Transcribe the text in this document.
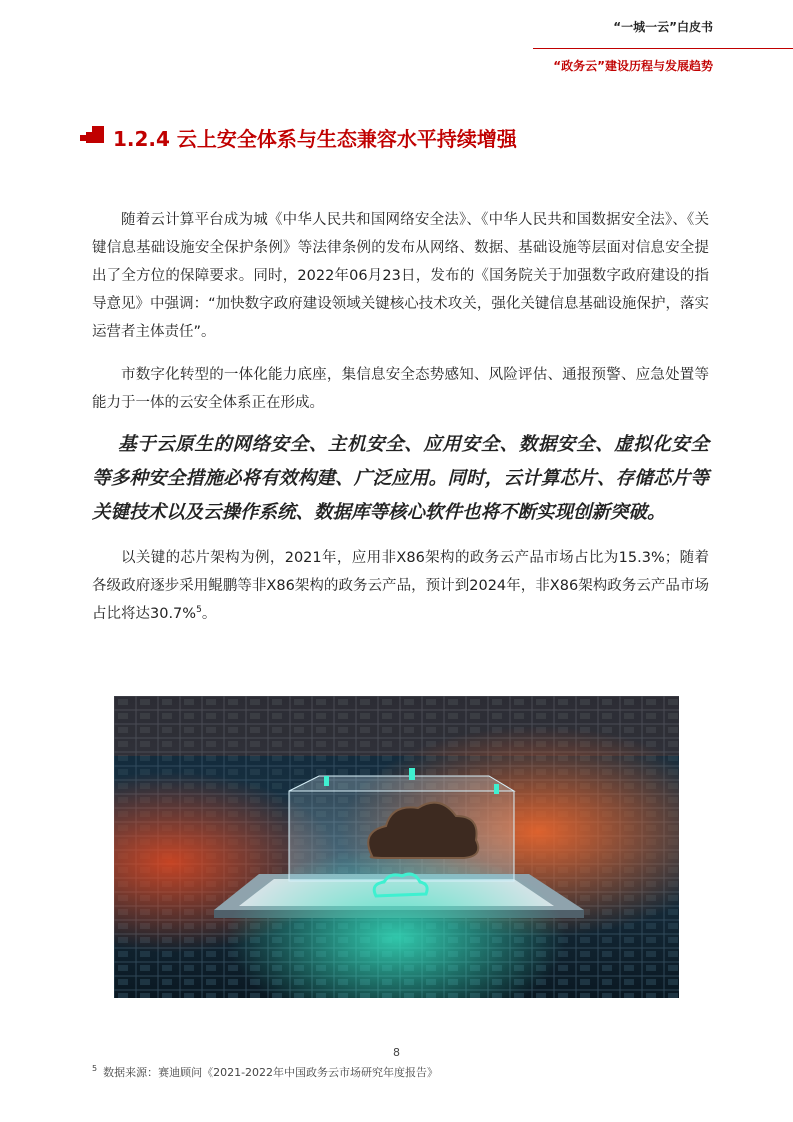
“一城一云”白皮书
“政务云”建设历程与发展趋势
1.2.4 云上安全体系与生态兼容水平持续增强

随着云计算平台成为城《中华人民共和国网络安全法》、《中华人民共和国数据安全法》、《关键信息基础设施安全保护条例》等法律条例的发布从网络、数据、基础设施等层面对信息安全提出了全方位的保障要求。同时，2022年06月23日，发布的《国务院关于加强数字政府建设的指导意见》中强调：“加快数字政府建设领域关键核心技术攻关，强化关键信息基础设施保护，落实运营者主体责任”。

市数字化转型的一体化能力底座，集信息安全态势感知、风险评估、通报预警、应急处置等能力于一体的云安全体系正在形成。

基于云原生的网络安全、主机安全、应用安全、数据安全、虚拟化安全等多种安全措施必将有效构建、广泛应用。同时，云计算芯片、存储芯片等关键技术以及云操作系统、数据库等核心软件也将不断实现创新突破。

以关键的芯片架构为例，2021年，应用非X86架构的政务云产品市场占比为15.3%；随着各级政府逐步采用鲲鹏等非X86架构的政务云产品，预计到2024年，非X86架构政务云产品市场占比将达30.7%$^5$。

8
$^5$ 数据来源：赛迪顾问《2021-2022年中国政务云市场研究年度报告》
